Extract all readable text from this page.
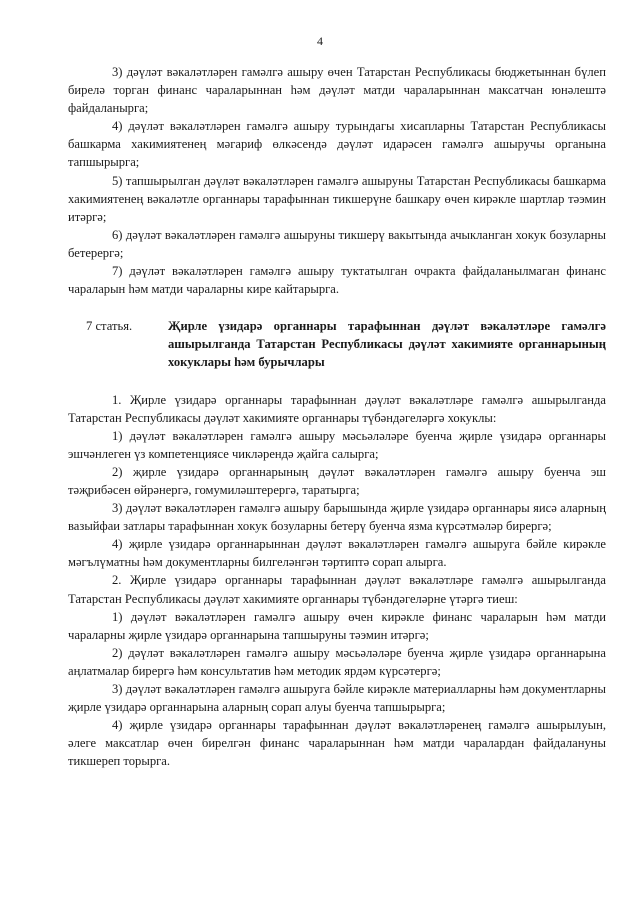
4

3) дәүләт вәкаләтләрен гамәлгә ашыру өчен Татарстан Республикасы бюджетыннан бүлеп бирелә торган финанс чараларыннан һәм дәүләт матди чараларыннан максатчан юнәлештә файдаланырга;

4) дәүләт вәкаләтләрен гамәлгә ашыру турындагы хисапларны Татарстан Республикасы башкарма хакимиятенең мәгариф өлкәсендә дәүләт идарәсен гамәлгә ашыручы органына тапшырырга;

5) тапшырылган дәүләт вәкаләтләрен гамәлгә ашыруны Татарстан Республикасы башкарма хакимиятенең вәкаләтле органнары тарафыннан тикшерүне башкару өчен кирәкле шартлар тәэмин итәргә;

6) дәүләт вәкаләтләрен гамәлгә ашыруны тикшерү вакытында ачыкланган хокук бозуларны бетерергә;

7) дәүләт вәкаләтләрен гамәлгә ашыру туктатылган очракта файдаланылмаган финанс чараларын һәм матди чараларны кире кайтарырга.

7 статья.	Җирле үзидарә органнары тарафыннан дәүләт вәкаләтләре гамәлгә ашырылганда Татарстан Республикасы дәүләт хакимияте органнарының хокуклары һәм бурычлары

1. Җирле үзидарә органнары тарафыннан дәүләт вәкаләтләре гамәлгә ашырылганда Татарстан Республикасы дәүләт хакимияте органнары түбәндәгеләргә хокуклы:

1) дәүләт вәкаләтләрен гамәлгә ашыру мәсьәләләре буенча җирле үзидарә органнары эшчәнлеген үз компетенциясе чикләрендә җайга салырга;

2) җирле үзидарә органнарының дәүләт вәкаләтләрен гамәлгә ашыру буенча эш тәҗрибәсен өйрәнергә, гомумиләштерергә, таратырга;

3) дәүләт вәкаләтләрен гамәлгә ашыру барышында җирле үзидарә органнары яисә аларның вазыйфаи затлары тарафыннан хокук бозуларны бетерү буенча язма күрсәтмәләр бирергә;

4) җирле үзидарә органнарыннан дәүләт вәкаләтләрен гамәлгә ашыруга бәйле кирәкле мәгълүматны һәм документларны билгеләнгән тәртиптә сорап алырга.

2. Җирле үзидарә органнары тарафыннан дәүләт вәкаләтләре гамәлгә ашырылганда Татарстан Республикасы дәүләт хакимияте органнары түбәндәгеләрне үтәргә тиеш:

1) дәүләт вәкаләтләрен гамәлгә ашыру өчен кирәкле финанс чараларын һәм матди чараларны җирле үзидарә органнарына тапшыруны тәэмин итәргә;

2) дәүләт вәкаләтләрен гамәлгә ашыру мәсьәләләре буенча җирле үзидарә органнарына аңлатмалар бирергә һәм консультатив һәм методик ярдәм күрсәтергә;

3) дәүләт вәкаләтләрен гамәлгә ашыруга бәйле кирәкле материалларны һәм документларны җирле үзидарә органнарына аларның сорап алуы буенча тапшырырга;

4) җирле үзидарә органнары тарафыннан дәүләт вәкаләтләренең гамәлгә ашырылуын, әлеге максатлар өчен бирелгән финанс чараларыннан һәм матди чаралардан файдалануны тикшереп торырга.
